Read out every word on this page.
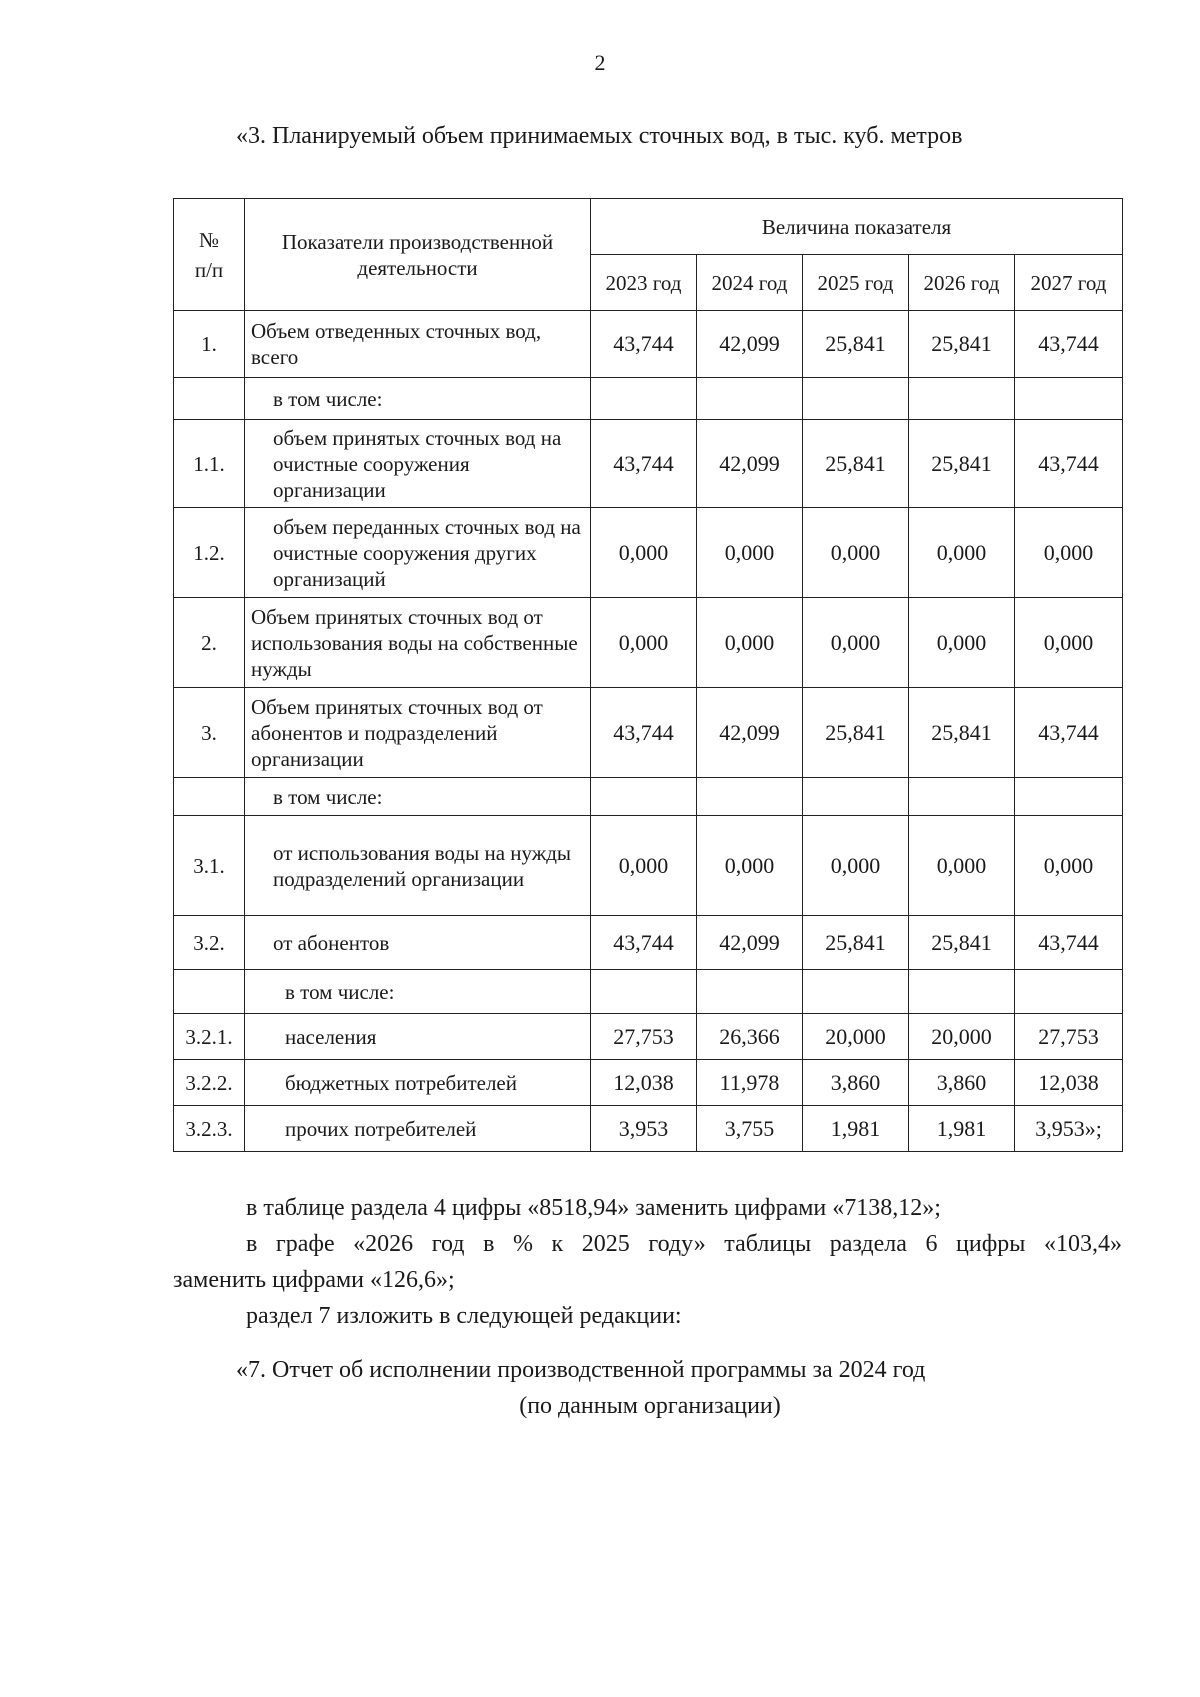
2
«3. Планируемый объем принимаемых сточных вод, в тыс. куб. метров
№
п/п	Показатели производственной деятельности	Величина показателя				
		2023 год	2024 год	2025 год	2026 год	2027 год
1.	Объем отведенных сточных вод, всего	43,744	42,099	25,841	25,841	43,744
	в том числе:					
1.1.	объем принятых сточных вод на очистные сооружения организации	43,744	42,099	25,841	25,841	43,744
1.2.	объем переданных сточных вод на очистные сооружения других организаций	0,000	0,000	0,000	0,000	0,000
2.	Объем принятых сточных вод от использования воды на собственные нужды	0,000	0,000	0,000	0,000	0,000
3.	Объем принятых сточных вод от абонентов и подразделений организации	43,744	42,099	25,841	25,841	43,744
	в том числе:					
3.1.	от использования воды на нужды подразделений организации	0,000	0,000	0,000	0,000	0,000
3.2.	от абонентов	43,744	42,099	25,841	25,841	43,744
	в том числе:					
3.2.1.	населения	27,753	26,366	20,000	20,000	27,753
3.2.2.	бюджетных потребителей	12,038	11,978	3,860	3,860	12,038
3.2.3.	прочих потребителей	3,953	3,755	1,981	1,981	3,953»;
в таблице раздела 4 цифры «8518,94» заменить цифрами «7138,12»;
в графе «2026 год в % к 2025 году» таблицы раздела 6 цифры «103,4»
заменить цифрами «126,6»;
раздел 7 изложить в следующей редакции:
«7. Отчет об исполнении производственной программы за 2024 год
(по данным организации)
